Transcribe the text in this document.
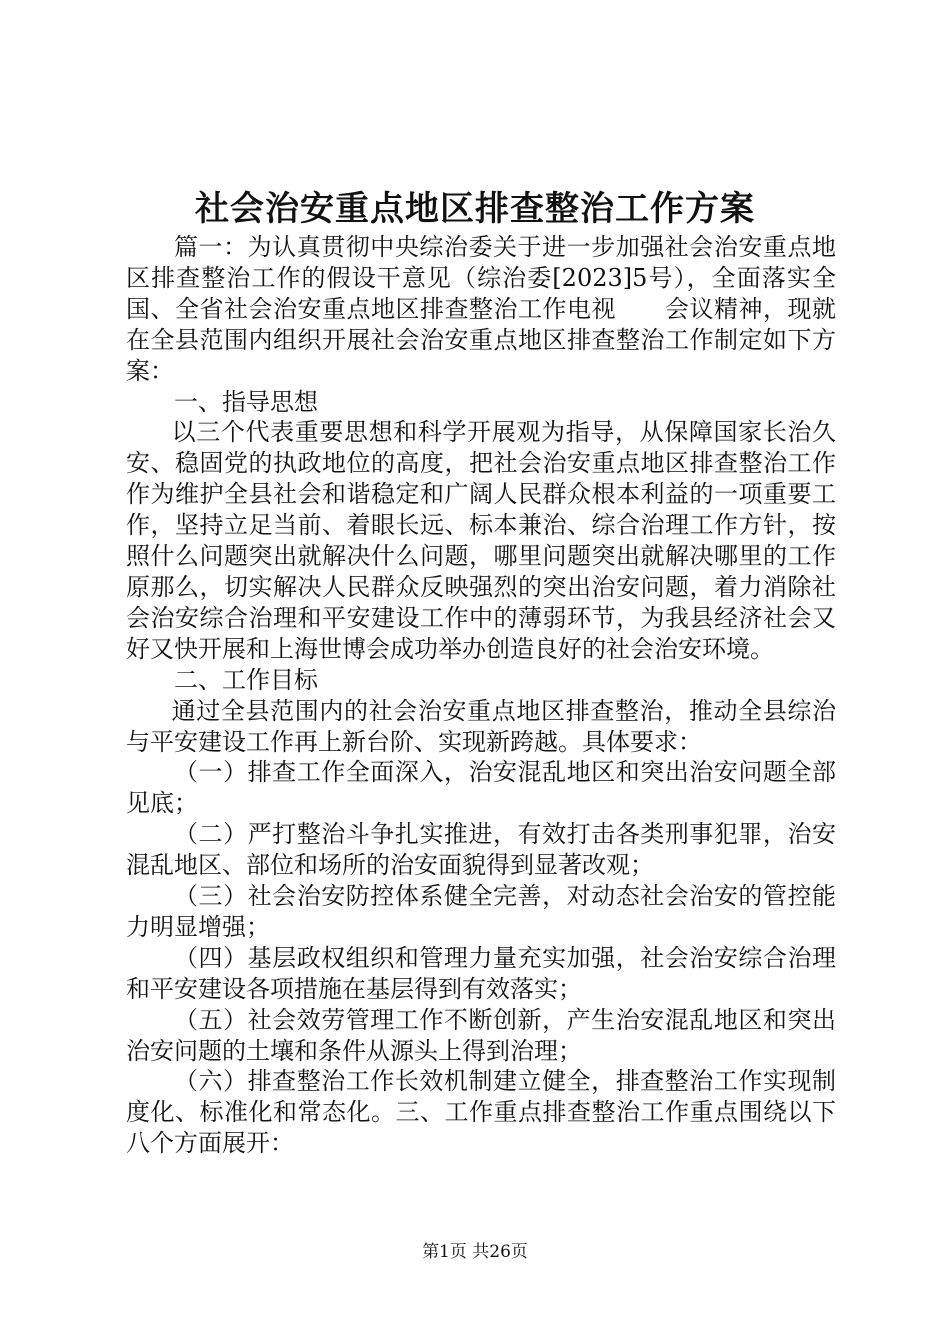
社会治安重点地区排查整治工作方案

篇一：为认真贯彻中央综治委关于进一步加强社会治安重点地区排查整治工作的假设干意见（综治委[2023]5号），全面落实全国、全省社会治安重点地区排查整治工作电视　　会议精神，现就在全县范围内组织开展社会治安重点地区排查整治工作制定如下方案：

一、指导思想

以三个代表重要思想和科学开展观为指导，从保障国家长治久安、稳固党的执政地位的高度，把社会治安重点地区排查整治工作作为维护全县社会和谐稳定和广阔人民群众根本利益的一项重要工作，坚持立足当前、着眼长远、标本兼治、综合治理工作方针，按照什么问题突出就解决什么问题，哪里问题突出就解决哪里的工作原那么，切实解决人民群众反映强烈的突出治安问题，着力消除社会治安综合治理和平安建设工作中的薄弱环节，为我县经济社会又好又快开展和上海世博会成功举办创造良好的社会治安环境。

二、工作目标

通过全县范围内的社会治安重点地区排查整治，推动全县综治与平安建设工作再上新台阶、实现新跨越。具体要求：

（一）排查工作全面深入，治安混乱地区和突出治安问题全部见底；

（二）严打整治斗争扎实推进，有效打击各类刑事犯罪，治安混乱地区、部位和场所的治安面貌得到显著改观；

（三）社会治安防控体系健全完善，对动态社会治安的管控能力明显增强；

（四）基层政权组织和管理力量充实加强，社会治安综合治理和平安建设各项措施在基层得到有效落实；

（五）社会效劳管理工作不断创新，产生治安混乱地区和突出治安问题的土壤和条件从源头上得到治理；

（六）排查整治工作长效机制建立健全，排查整治工作实现制度化、标准化和常态化。三、工作重点排查整治工作重点围绕以下八个方面展开：

第1页 共26页
